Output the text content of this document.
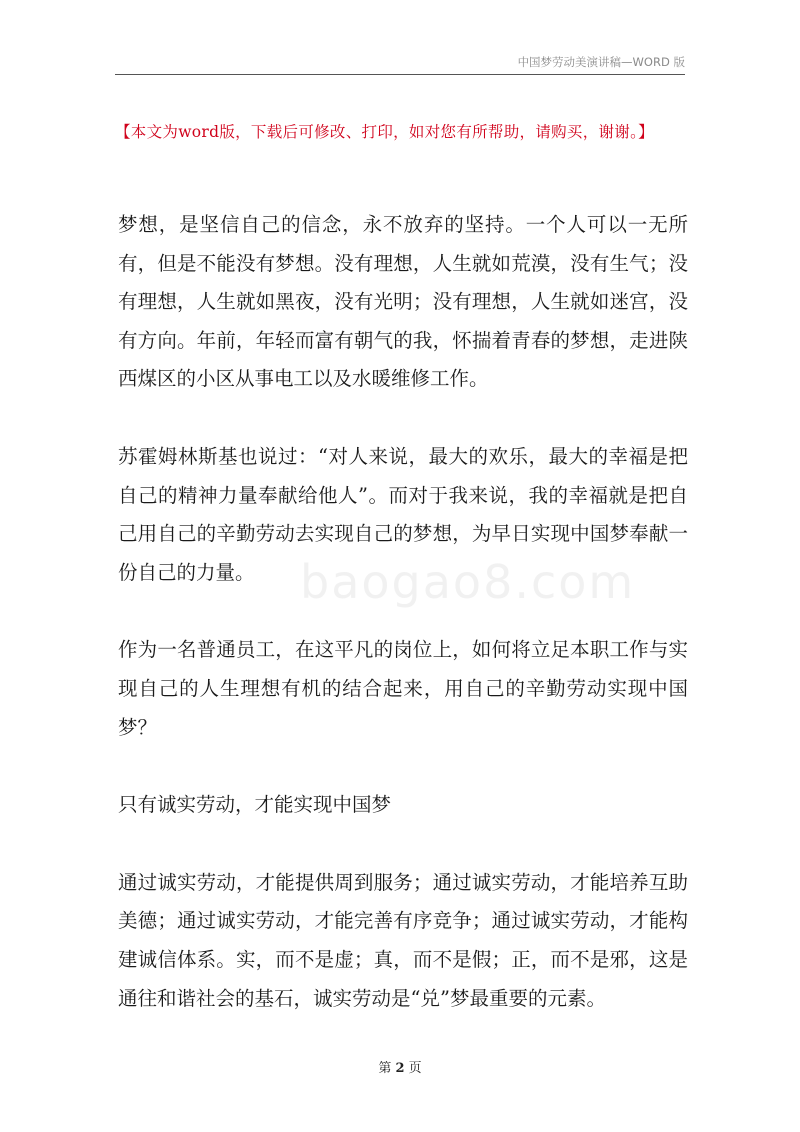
中国梦劳动美演讲稿—WORD 版
【本文为word版，下载后可修改、打印，如对您有所帮助，请购买，谢谢。】
baogao8.com

梦想，是坚信自己的信念，永不放弃的坚持。一个人可以一无所有，但是不能没有梦想。没有理想，人生就如荒漠，没有生气；没有理想，人生就如黑夜，没有光明；没有理想，人生就如迷宫，没有方向。年前，年轻而富有朝气的我，怀揣着青春的梦想，走进陕西煤区的小区从事电工以及水暖维修工作。

苏霍姆林斯基也说过：“对人来说，最大的欢乐，最大的幸福是把自己的精神力量奉献给他人”。而对于我来说，我的幸福就是把自己用自己的辛勤劳动去实现自己的梦想，为早日实现中国梦奉献一份自己的力量。

作为一名普通员工，在这平凡的岗位上，如何将立足本职工作与实现自己的人生理想有机的结合起来，用自己的辛勤劳动实现中国梦？

只有诚实劳动，才能实现中国梦

通过诚实劳动，才能提供周到服务；通过诚实劳动，才能培养互助美德；通过诚实劳动，才能完善有序竞争；通过诚实劳动，才能构建诚信体系。实，而不是虚；真，而不是假；正，而不是邪，这是通往和谐社会的基石，诚实劳动是“兑”梦最重要的元素。

第 2 页
